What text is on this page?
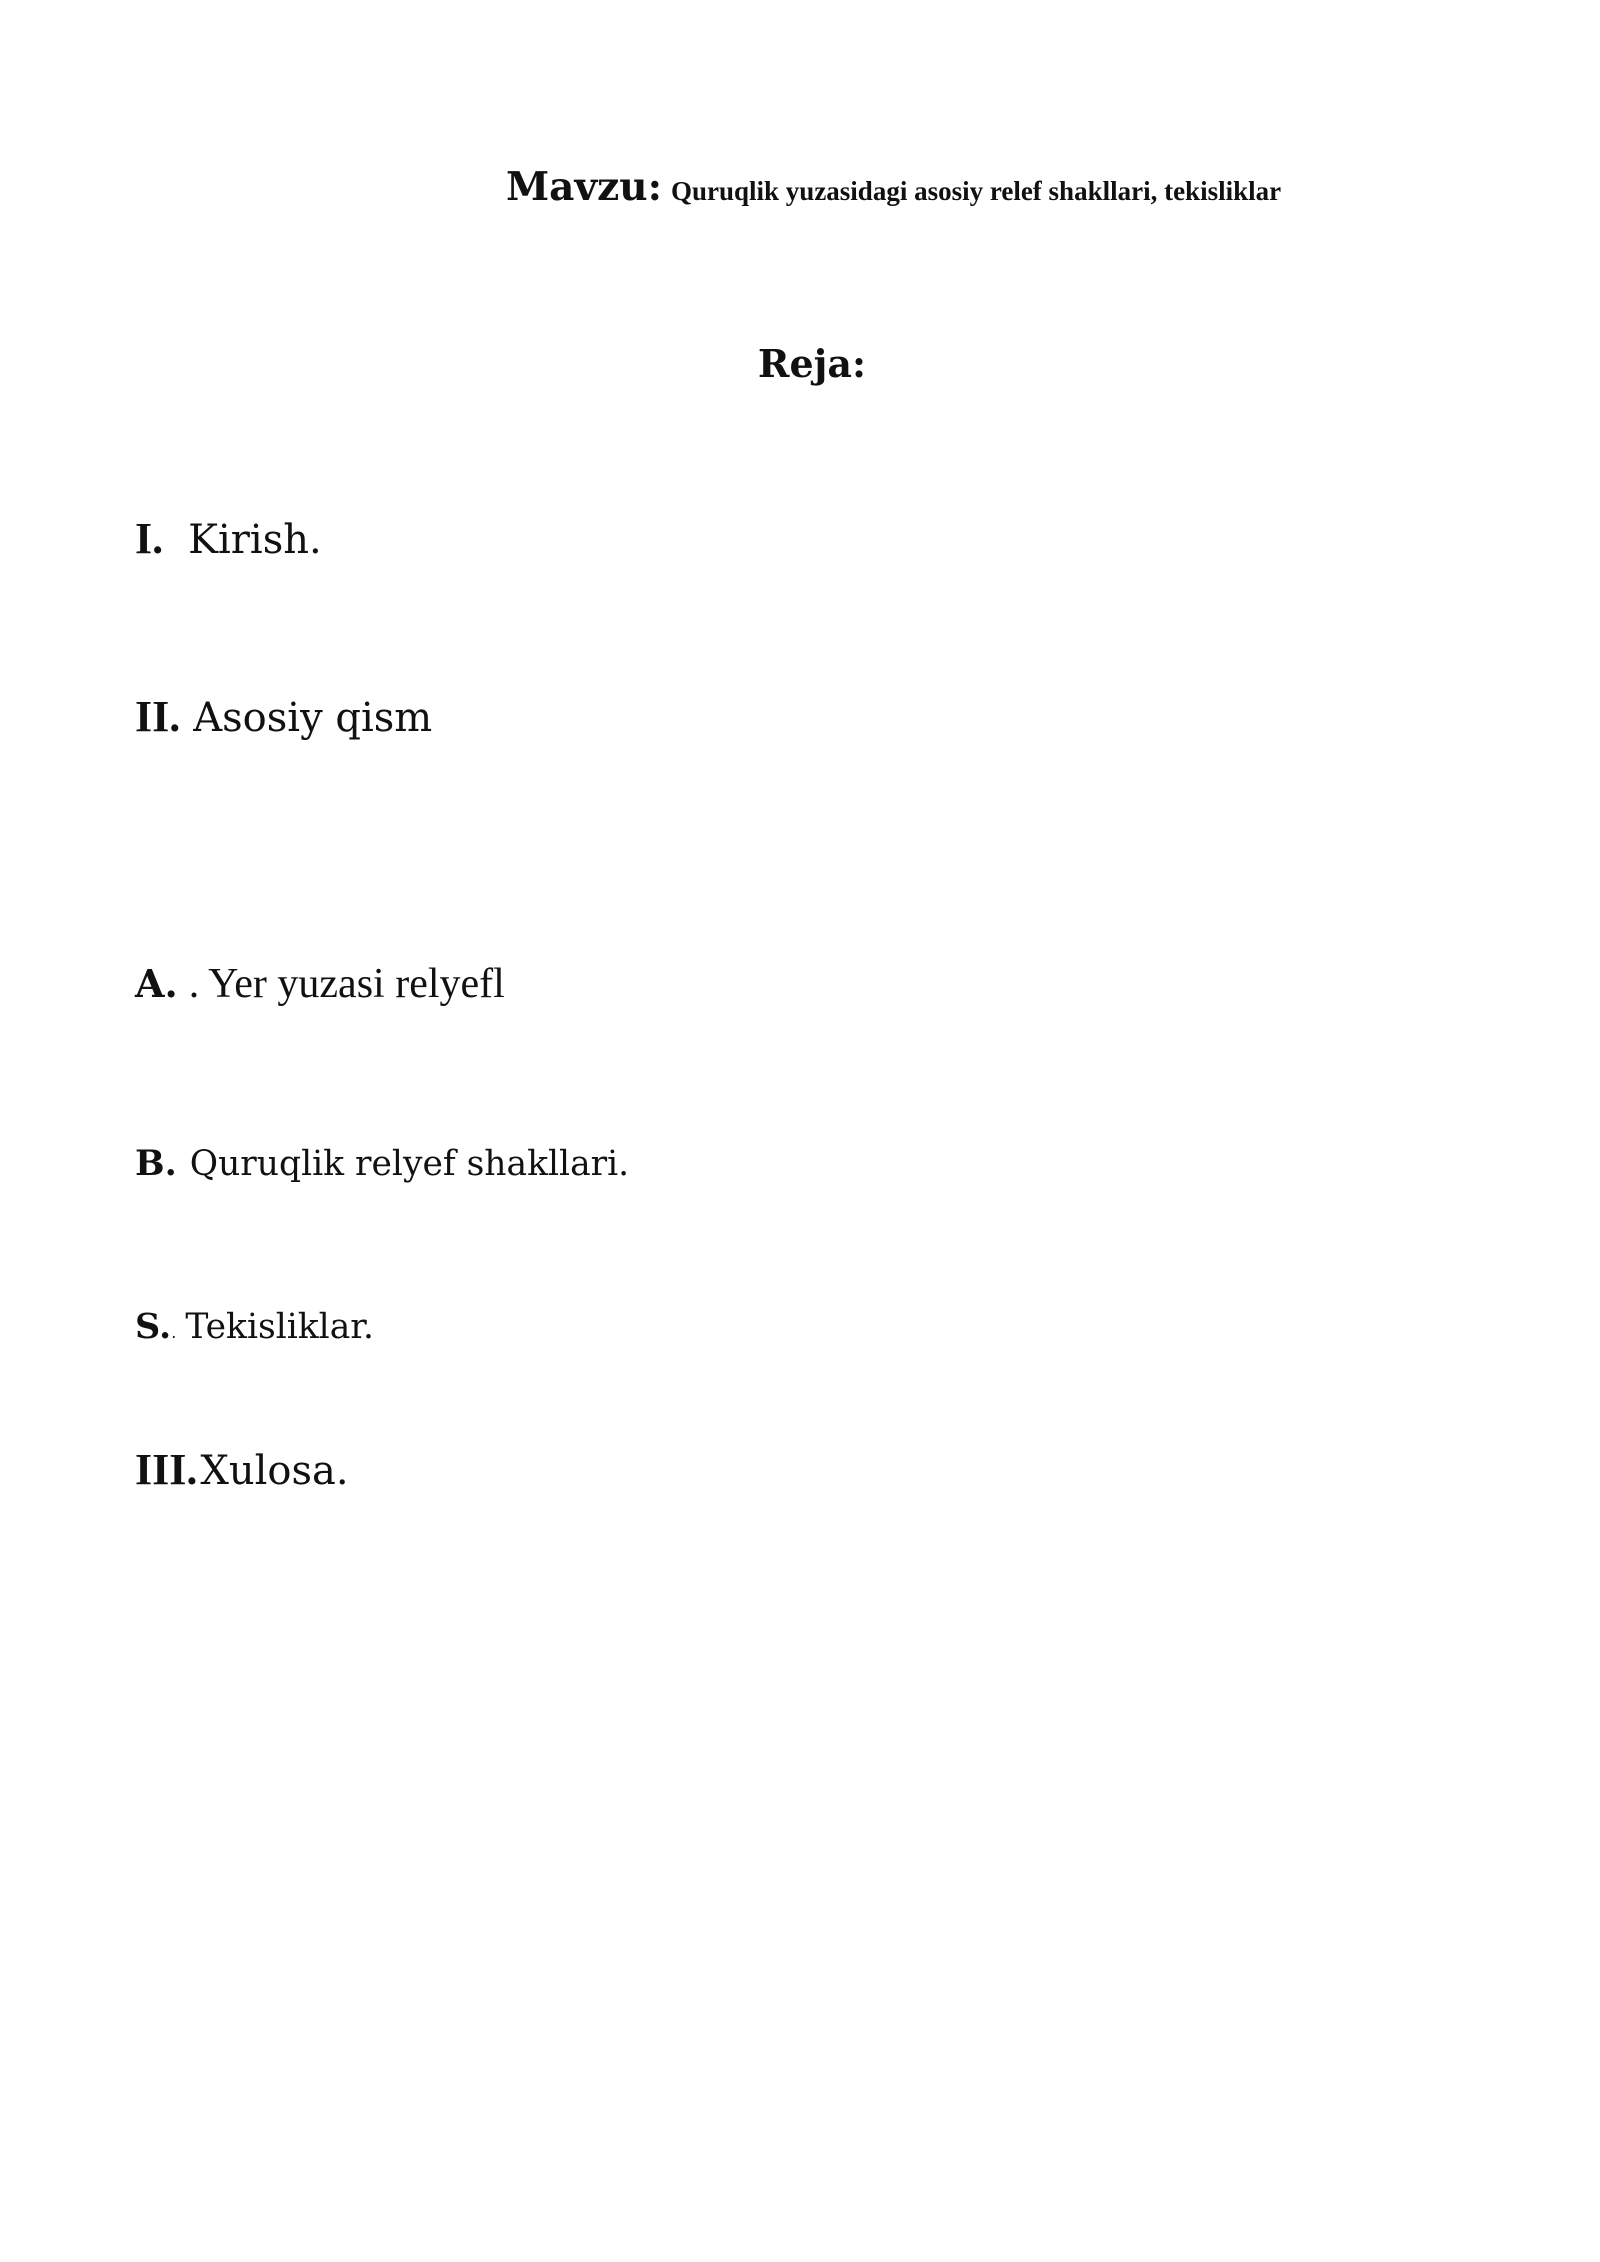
Mavzu: Quruqlik yuzasidagi asosiy relef shakllari, tekisliklar
Reja:
I. Kirish.
II. Asosiy qism
A. . Yer yuzasi relyefl
B. Quruqlik relyef shakllari.
S. . Tekisliklar.
III. Xulosa.
